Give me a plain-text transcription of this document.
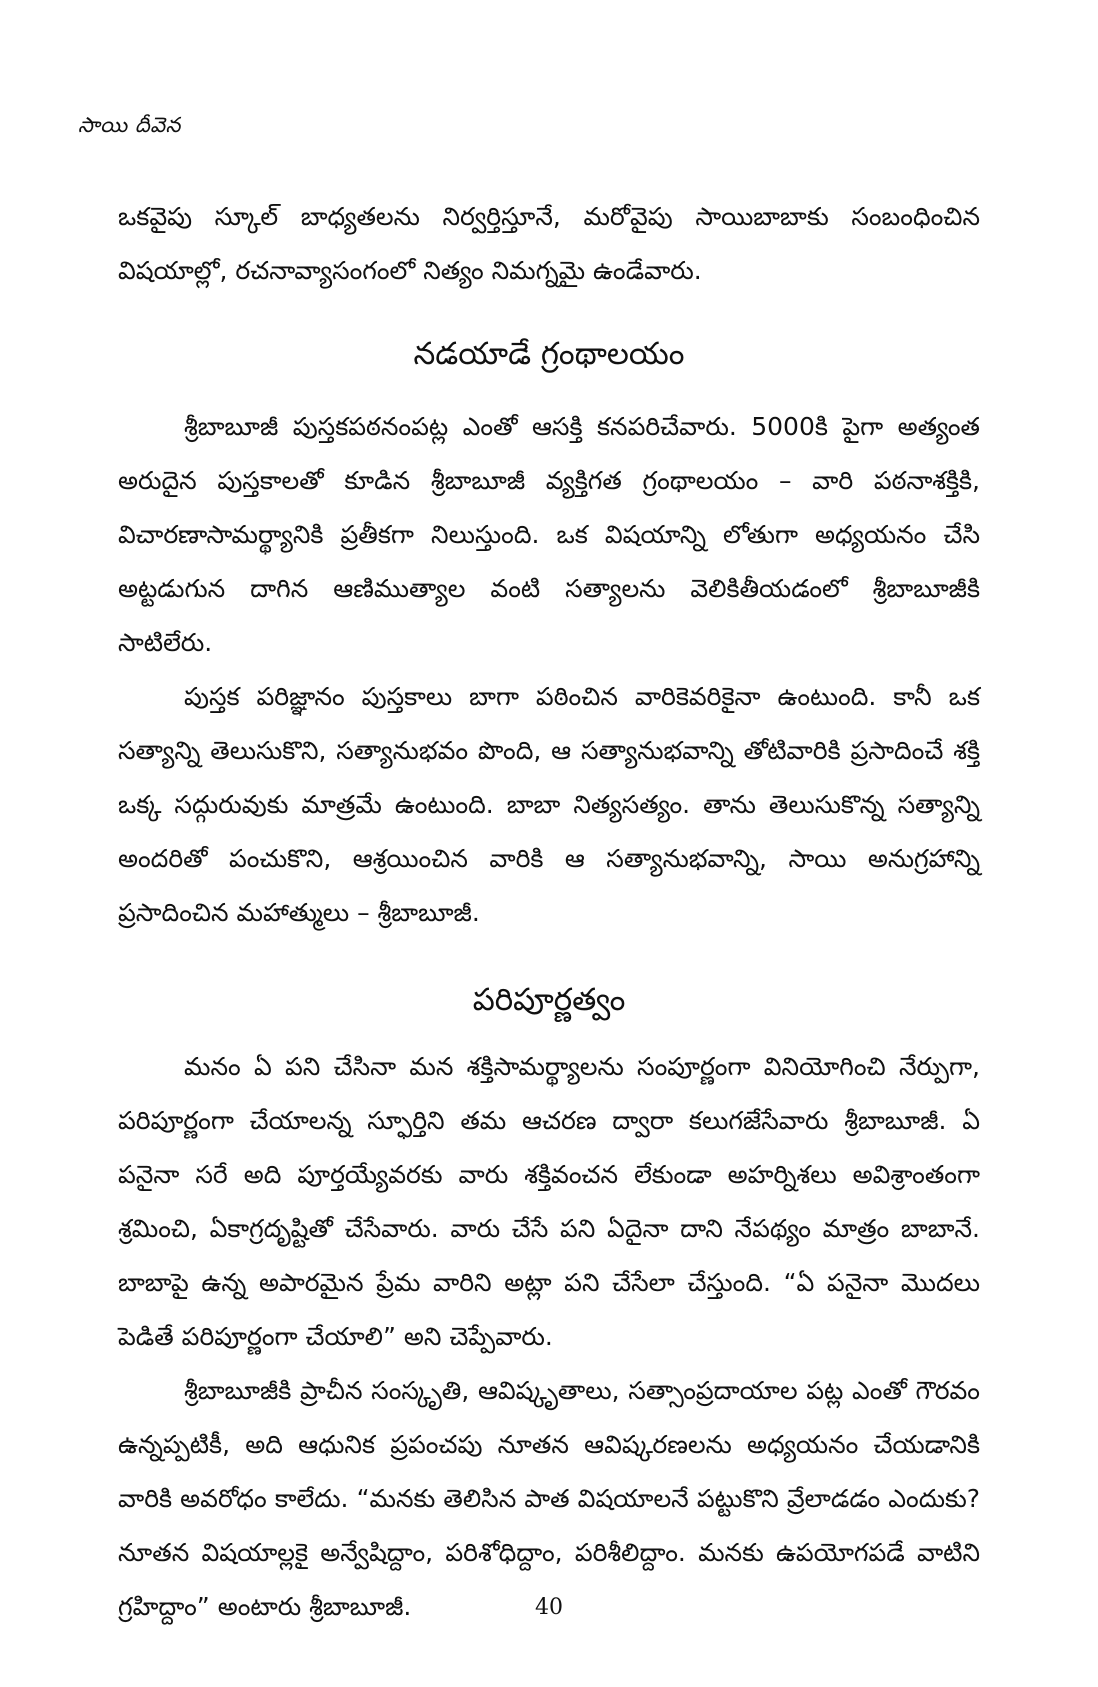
సాయి దీవెన

ఒకవైపు స్కూల్ బాధ్యతలను నిర్వర్తిస్తూనే, మరోవైపు సాయిబాబాకు సంబంధించిన విషయాల్లో, రచనావ్యాసంగంలో నిత్యం నిమగ్నమై ఉండేవారు.

నడయాడే గ్రంథాలయం

శ్రీబాబూజీ పుస్తకపఠనంపట్ల ఎంతో ఆసక్తి కనపరిచేవారు. 5000కి పైగా అత్యంత అరుదైన పుస్తకాలతో కూడిన శ్రీబాబూజీ వ్యక్తిగత గ్రంథాలయం – వారి పఠనాశక్తికి, విచారణాసామర్థ్యానికి ప్రతీకగా నిలుస్తుంది. ఒక విషయాన్ని లోతుగా అధ్యయనం చేసి అట్టడుగున దాగిన ఆణిముత్యాల వంటి సత్యాలను వెలికితీయడంలో శ్రీబాబూజీకి సాటిలేరు.

పుస్తక పరిజ్ఞానం పుస్తకాలు బాగా పఠించిన వారికెవరికైనా ఉంటుంది. కానీ ఒక సత్యాన్ని తెలుసుకొని, సత్యానుభవం పొంది, ఆ సత్యానుభవాన్ని తోటివారికి ప్రసాదించే శక్తి ఒక్క సద్గురువుకు మాత్రమే ఉంటుంది. బాబా నిత్యసత్యం. తాను తెలుసుకొన్న సత్యాన్ని అందరితో పంచుకొని, ఆశ్రయించిన వారికి ఆ సత్యానుభవాన్ని, సాయి అనుగ్రహాన్ని ప్రసాదించిన మహాత్ములు – శ్రీబాబూజీ.

పరిపూర్ణత్వం

మనం ఏ పని చేసినా మన శక్తిసామర్థ్యాలను సంపూర్ణంగా వినియోగించి నేర్పుగా, పరిపూర్ణంగా చేయాలన్న స్ఫూర్తిని తమ ఆచరణ ద్వారా కలుగజేసేవారు శ్రీబాబూజీ. ఏ పనైనా సరే అది పూర్తయ్యేవరకు వారు శక్తివంచన లేకుండా అహర్నిశలు అవిశ్రాంతంగా శ్రమించి, ఏకాగ్రదృష్టితో చేసేవారు. వారు చేసే పని ఏదైనా దాని నేపథ్యం మాత్రం బాబానే. బాబాపై ఉన్న అపారమైన ప్రేమ వారిని అట్లా పని చేసేలా చేస్తుంది. “ఏ పనైనా మొదలు పెడితే పరిపూర్ణంగా చేయాలి” అని చెప్పేవారు.

శ్రీబాబూజీకి ప్రాచీన సంస్కృతి, ఆవిష్కృతాలు, సత్సాంప్రదాయాల పట్ల ఎంతో గౌరవం ఉన్నప్పటికీ, అది ఆధునిక ప్రపంచపు నూతన ఆవిష్కరణలను అధ్యయనం చేయడానికి వారికి అవరోధం కాలేదు. “మనకు తెలిసిన పాత విషయాలనే పట్టుకొని వ్రేలాడడం ఎందుకు? నూతన విషయాల్లకై అన్వేషిద్దాం, పరిశోధిద్దాం, పరిశీలిద్దాం. మనకు ఉపయోగపడే వాటిని గ్రహిద్దాం” అంటారు శ్రీబాబూజీ.	40
